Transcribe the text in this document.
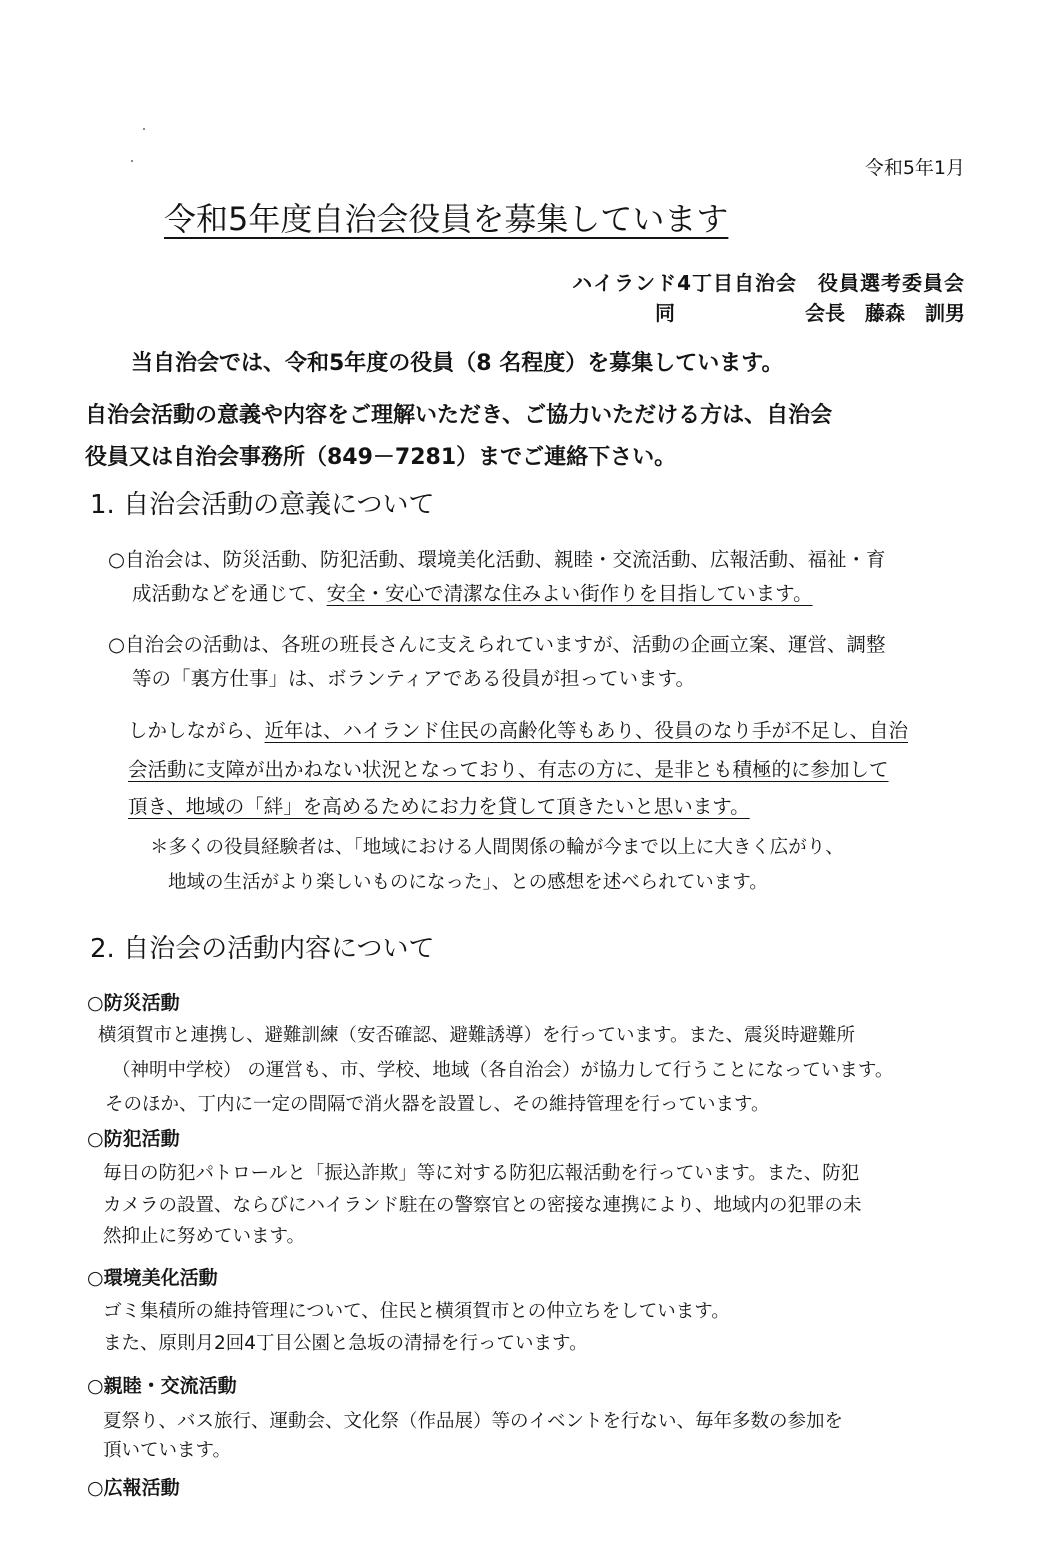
令和5年1月
令和5年度自治会役員を募集しています
ハイランド4丁目自治会　役員選考委員会
同	会長　藤森　訓男
当自治会では、令和5年度の役員（8 名程度）を募集しています。
自治会活動の意義や内容をご理解いただき、ご協力いただける方は、自治会
役員又は自治会事務所（849－7281）までご連絡下さい。
1. 自治会活動の意義について
○自治会は、防災活動、防犯活動、環境美化活動、親睦・交流活動、広報活動、福祉・育
成活動などを通じて、安全・安心で清潔な住みよい街作りを目指しています。
○自治会の活動は、各班の班長さんに支えられていますが、活動の企画立案、運営、調整
等の「裏方仕事」は、ボランティアである役員が担っています。
しかしながら、近年は、ハイランド住民の高齢化等もあり、役員のなり手が不足し、自治
会活動に支障が出かねない状況となっており、有志の方に、是非とも積極的に参加して
頂き、地域の「絆」を高めるためにお力を貸して頂きたいと思います。
＊多くの役員経験者は、「地域における人間関係の輪が今まで以上に大きく広がり、
地域の生活がより楽しいものになった」、との感想を述べられています。
2. 自治会の活動内容について
○防災活動
横須賀市と連携し、避難訓練（安否確認、避難誘導）を行っています。また、震災時避難所
（神明中学校） の運営も、市、学校、地域（各自治会）が協力して行うことになっています。
そのほか、丁内に一定の間隔で消火器を設置し、その維持管理を行っています。
○防犯活動
毎日の防犯パトロールと「振込詐欺」等に対する防犯広報活動を行っています。また、防犯
カメラの設置、ならびにハイランド駐在の警察官との密接な連携により、地域内の犯罪の未
然抑止に努めています。
○環境美化活動
ゴミ集積所の維持管理について、住民と横須賀市との仲立ちをしています。
また、原則月2回4丁目公園と急坂の清掃を行っています。
○親睦・交流活動
夏祭り、バス旅行、運動会、文化祭（作品展）等のイベントを行ない、毎年多数の参加を
頂いています。
○広報活動
